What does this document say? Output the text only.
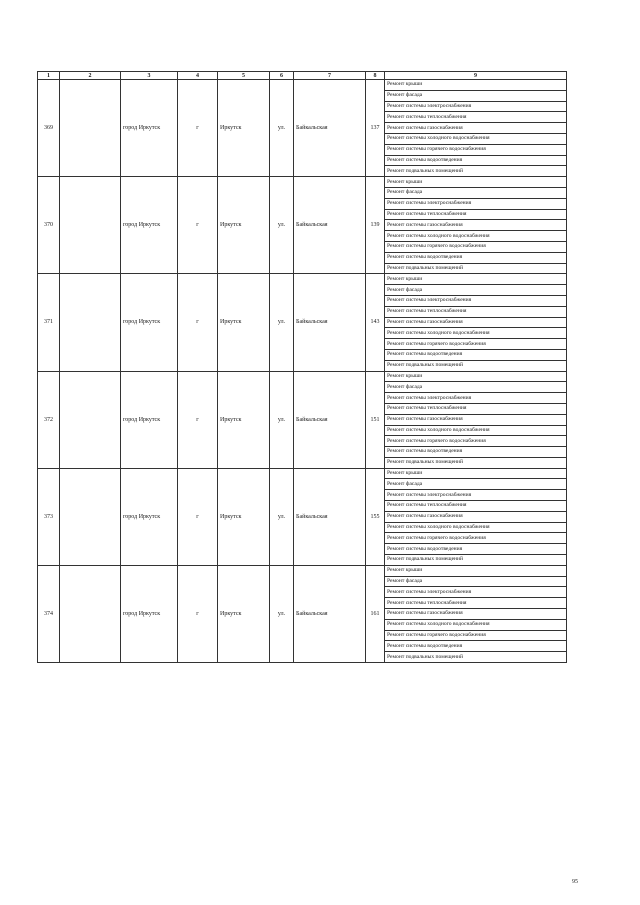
1	2	3	4	5	6	7	8	9
369		город Иркутск	г	Иркутск	ул.	Байкальская	137	Ремонт крыши
								Ремонт фасада
								Ремонт системы электроснабжения
								Ремонт системы теплоснабжения
								Ремонт системы газоснабжения
								Ремонт системы холодного водоснабжения
								Ремонт системы горячего водоснабжения
								Ремонт системы водоотведения
								Ремонт подвальных помещений
370		город Иркутск	г	Иркутск	ул.	Байкальская	139	Ремонт крыши
								Ремонт фасада
								Ремонт системы электроснабжения
								Ремонт системы теплоснабжения
								Ремонт системы газоснабжения
								Ремонт системы холодного водоснабжения
								Ремонт системы горячего водоснабжения
								Ремонт системы водоотведения
								Ремонт подвальных помещений
371		город Иркутск	г	Иркутск	ул.	Байкальская	143	Ремонт крыши
								Ремонт фасада
								Ремонт системы электроснабжения
								Ремонт системы теплоснабжения
								Ремонт системы газоснабжения
								Ремонт системы холодного водоснабжения
								Ремонт системы горячего водоснабжения
								Ремонт системы водоотведения
								Ремонт подвальных помещений
372		город Иркутск	г	Иркутск	ул.	Байкальская	151	Ремонт крыши
								Ремонт фасада
								Ремонт системы электроснабжения
								Ремонт системы теплоснабжения
								Ремонт системы газоснабжения
								Ремонт системы холодного водоснабжения
								Ремонт системы горячего водоснабжения
								Ремонт системы водоотведения
								Ремонт подвальных помещений
373		город Иркутск	г	Иркутск	ул.	Байкальская	155	Ремонт крыши
								Ремонт фасада
								Ремонт системы электроснабжения
								Ремонт системы теплоснабжения
								Ремонт системы газоснабжения
								Ремонт системы холодного водоснабжения
								Ремонт системы горячего водоснабжения
								Ремонт системы водоотведения
								Ремонт подвальных помещений
374		город Иркутск	г	Иркутск	ул.	Байкальская	161	Ремонт крыши
								Ремонт фасада
								Ремонт системы электроснабжения
								Ремонт системы теплоснабжения
								Ремонт системы газоснабжения
								Ремонт системы холодного водоснабжения
								Ремонт системы горячего водоснабжения
								Ремонт системы водоотведения
								Ремонт подвальных помещений
95
